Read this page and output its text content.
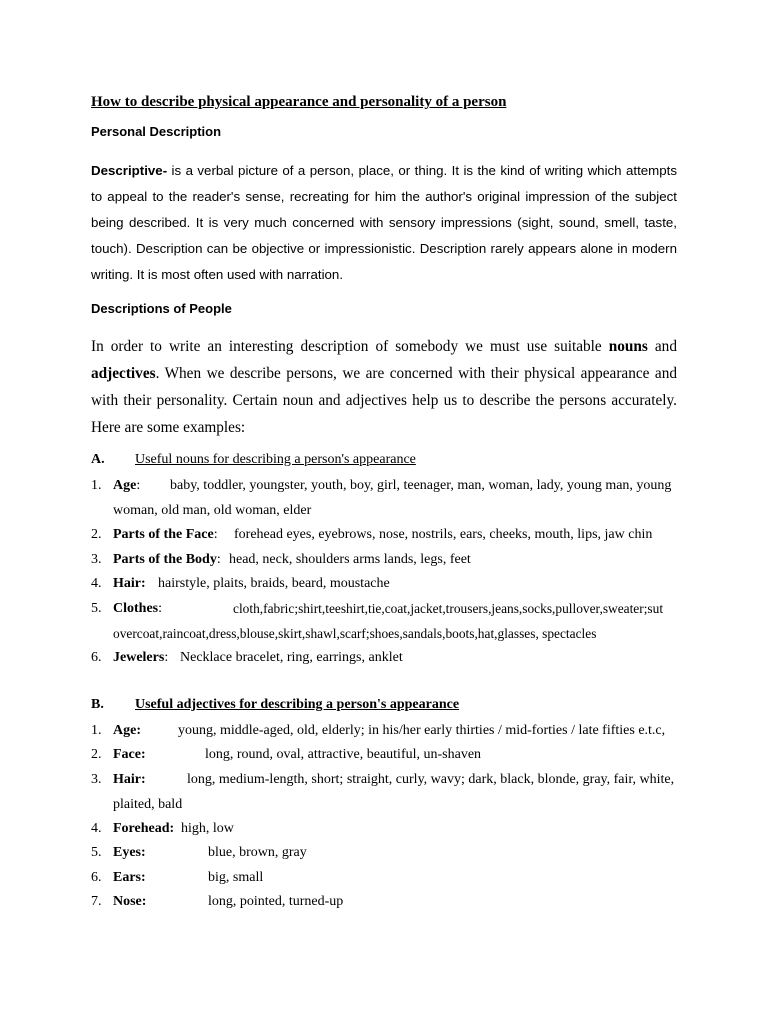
How to describe physical appearance and personality of a person
Personal Description
Descriptive- is a verbal picture of a person, place, or thing. It is the kind of writing which attempts to appeal to the reader's sense, recreating for him the author's original impression of the subject being described. It is very much concerned with sensory impressions (sight, sound, smell, taste, touch). Description can be objective or impressionistic. Description rarely appears alone in modern writing. It is most often used with narration.
Descriptions of People
In order to write an interesting description of somebody we must use suitable nouns and adjectives. When we describe persons, we are concerned with their physical appearance and with their personality. Certain noun and adjectives help us to describe the persons accurately. Here are some examples:
A. Useful nouns for describing a person's appearance
1. Age: baby, toddler, youngster, youth, boy, girl, teenager, man, woman, lady, young man, young
woman, old man, old woman, elder
2. Parts of the Face: forehead eyes, eyebrows, nose, nostrils, ears, cheeks, mouth, lips, jaw chin
3. Parts of the Body: head, neck, shoulders arms lands, legs, feet
4. Hair: hairstyle, plaits, braids, beard, moustache
5. Clothes:	cloth,fabric;shirt,teeshirt,tie,coat,jacket,trousers,jeans,socks,pullover,sweater;sut
overcoat,raincoat,dress,blouse,skirt,shawl,scarf;shoes,sandals,boots,hat,glasses, spectacles
6. Jewelers: Necklace bracelet, ring, earrings, anklet
B. Useful adjectives for describing a person's appearance
1. Age:	young, middle-aged, old, elderly; in his/her early thirties / mid-forties / late fifties e.t.c,
2. Face:	long, round, oval, attractive, beautiful, un-shaven
3. Hair:	long, medium-length, short; straight, curly, wavy; dark, black, blonde, gray, fair, white,
plaited, bald
4. Forehead: high, low
5. Eyes:	blue, brown, gray
6. Ears:	big, small
7. Nose:	long, pointed, turned-up
